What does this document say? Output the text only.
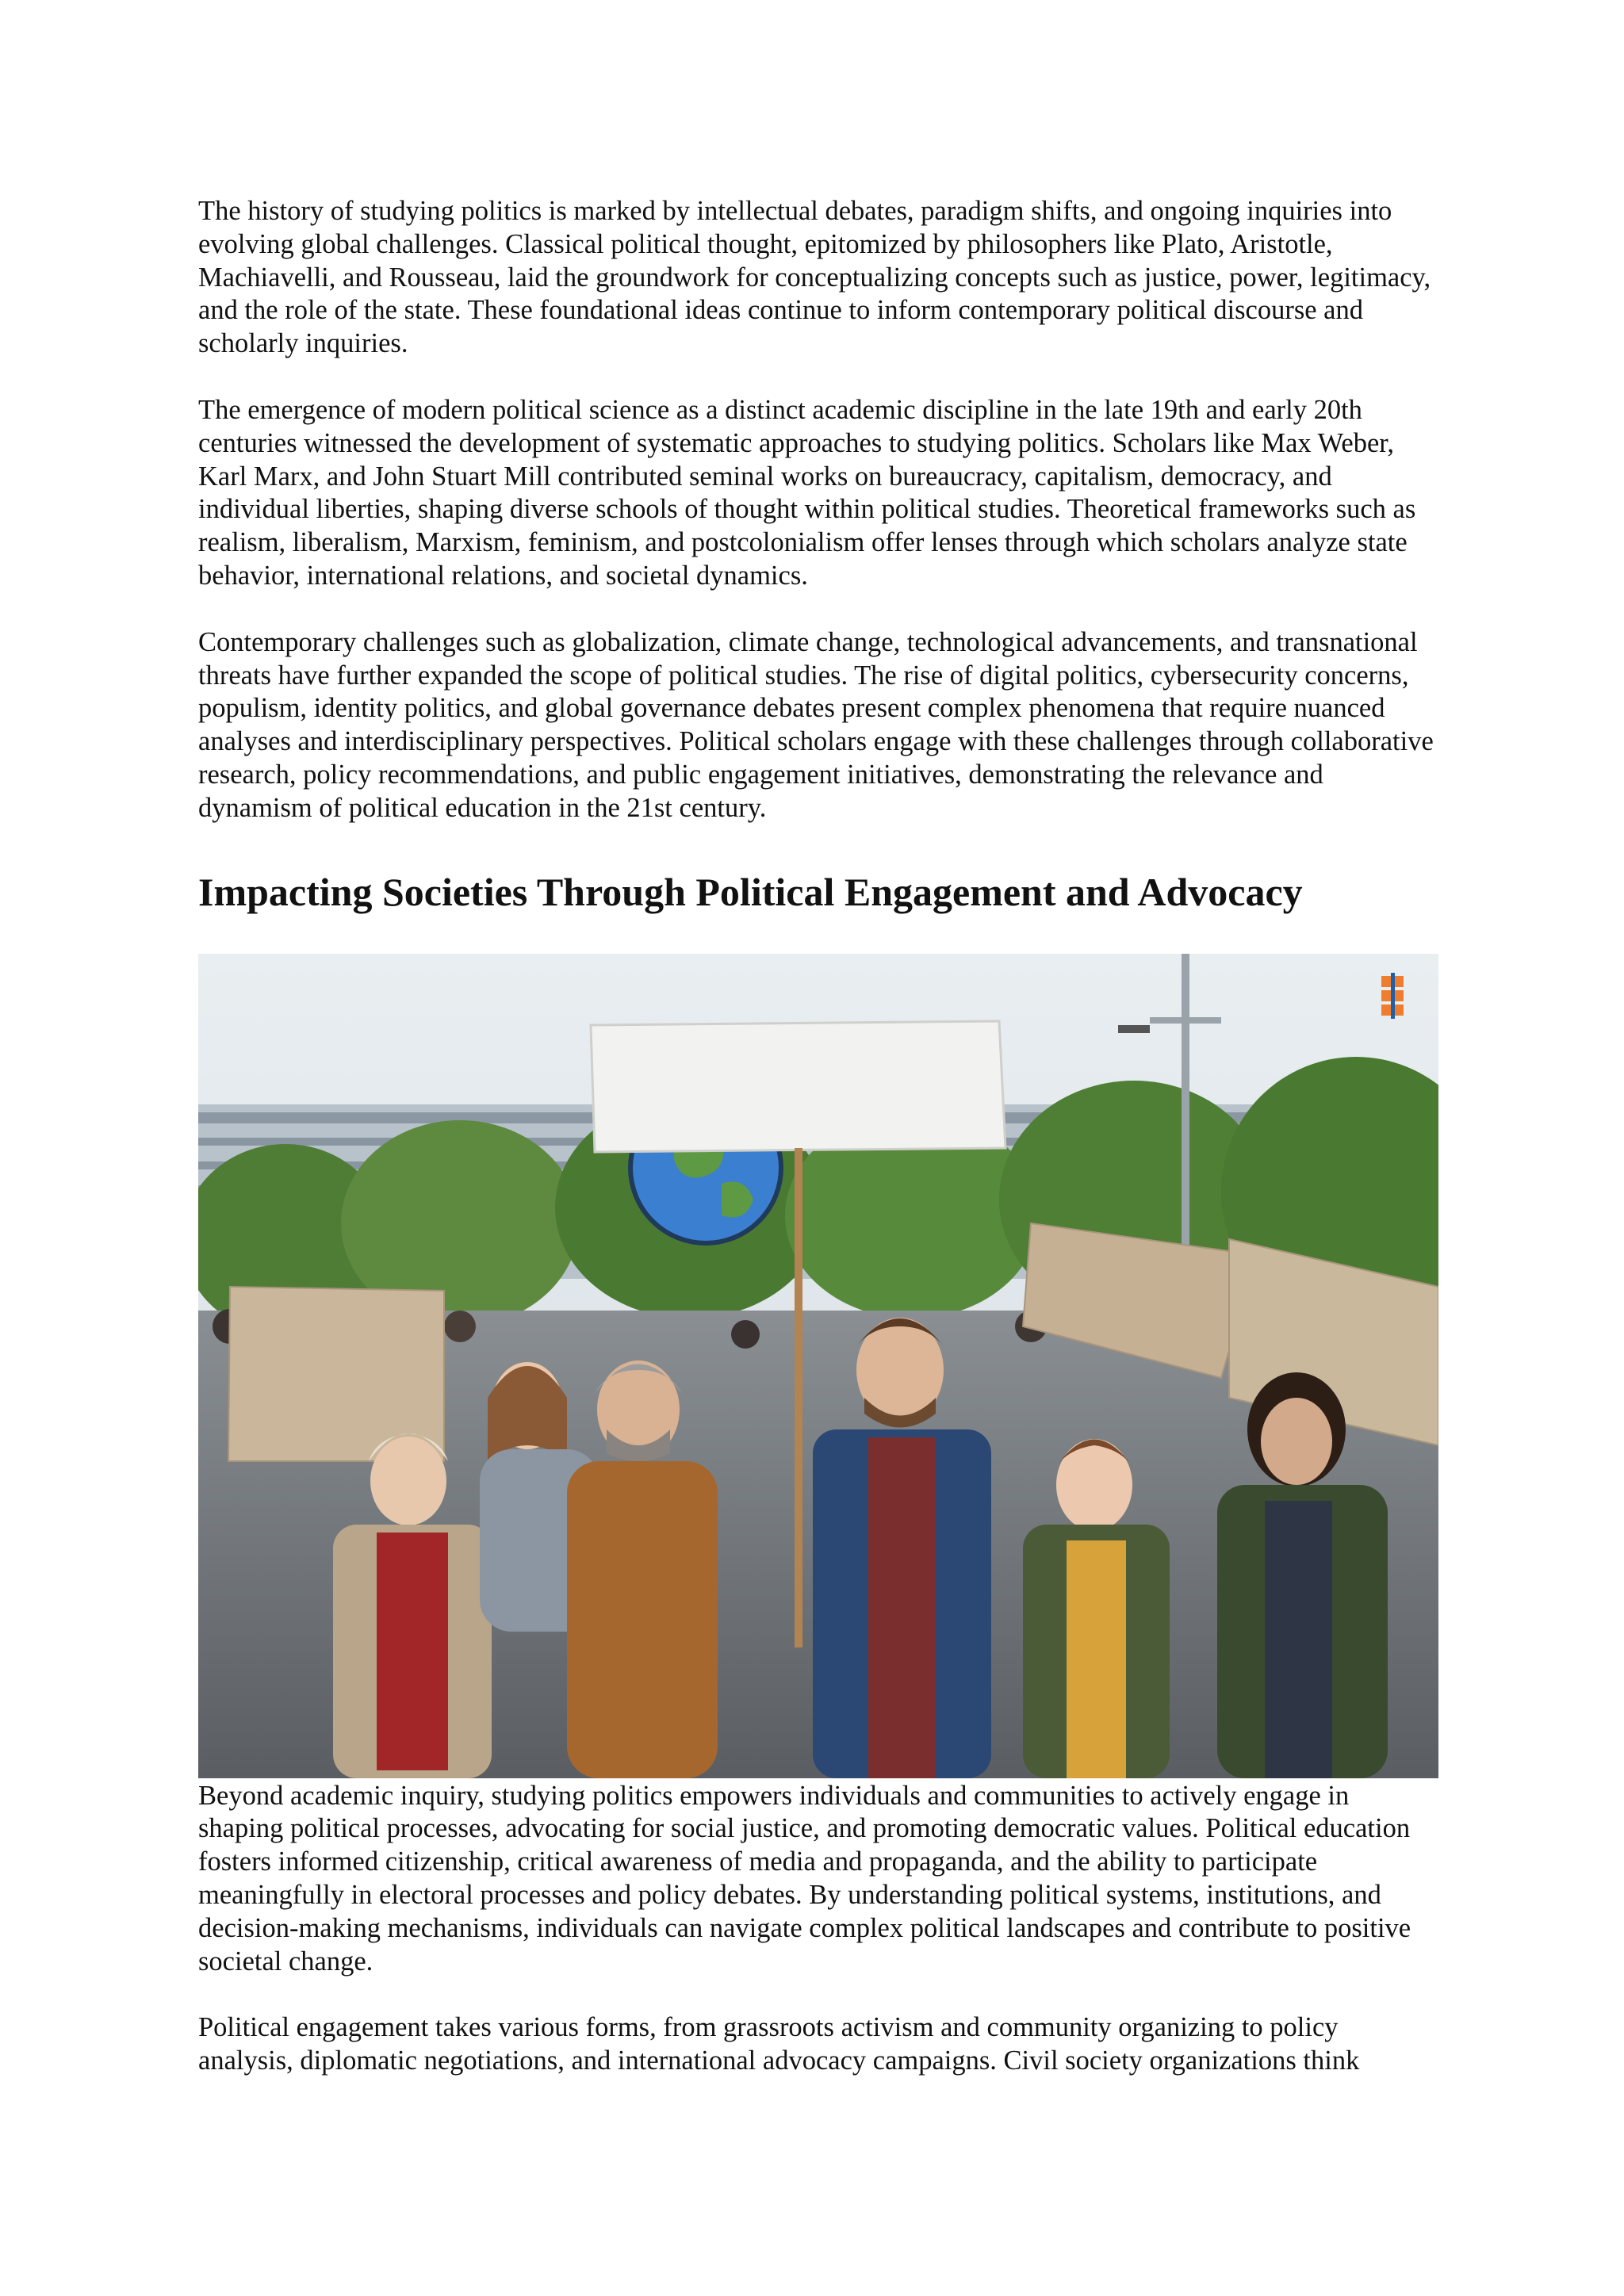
The history of studying politics is marked by intellectual debates, paradigm shifts, and ongoing inquiries into evolving global challenges. Classical political thought, epitomized by philosophers like Plato, Aristotle, Machiavelli, and Rousseau, laid the groundwork for conceptualizing concepts such as justice, power, legitimacy, and the role of the state. These foundational ideas continue to inform contemporary political discourse and scholarly inquiries.

The emergence of modern political science as a distinct academic discipline in the late 19th and early 20th centuries witnessed the development of systematic approaches to studying politics. Scholars like Max Weber, Karl Marx, and John Stuart Mill contributed seminal works on bureaucracy, capitalism, democracy, and individual liberties, shaping diverse schools of thought within political studies. Theoretical frameworks such as realism, liberalism, Marxism, feminism, and postcolonialism offer lenses through which scholars analyze state behavior, international relations, and societal dynamics.

Contemporary challenges such as globalization, climate change, technological advancements, and transnational threats have further expanded the scope of political studies. The rise of digital politics, cybersecurity concerns, populism, identity politics, and global governance debates present complex phenomena that require nuanced analyses and interdisciplinary perspectives. Political scholars engage with these challenges through collaborative research, policy recommendations, and public engagement initiatives, demonstrating the relevance and dynamism of political education in the 21st century.

Impacting Societies Through Political Engagement and Advocacy

Beyond academic inquiry, studying politics empowers individuals and communities to actively engage in shaping political processes, advocating for social justice, and promoting democratic values. Political education fosters informed citizenship, critical awareness of media and propaganda, and the ability to participate meaningfully in electoral processes and policy debates. By understanding political systems, institutions, and decision-making mechanisms, individuals can navigate complex political landscapes and contribute to positive societal change.

Political engagement takes various forms, from grassroots activism and community organizing to policy analysis, diplomatic negotiations, and international advocacy campaigns. Civil society organizations think
